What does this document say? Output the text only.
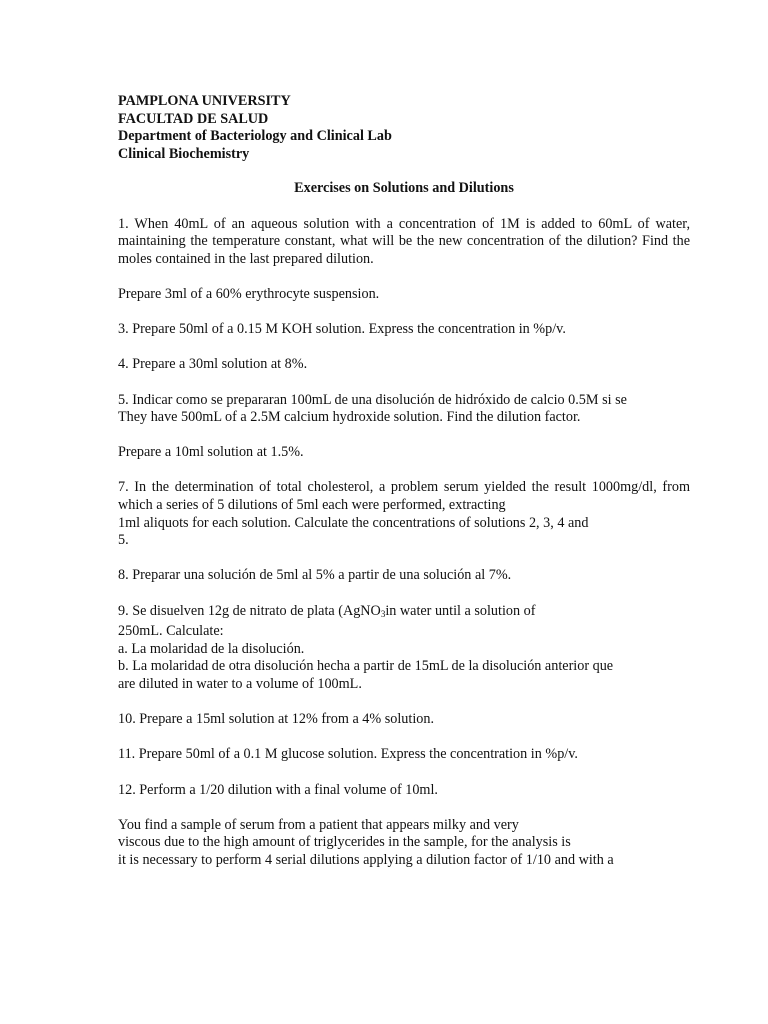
PAMPLONA UNIVERSITY

FACULTAD DE SALUD

Department of Bacteriology and Clinical Lab

Clinical Biochemistry

Exercises on Solutions and Dilutions

1. When 40mL of an aqueous solution with a concentration of 1M is added to 60mL of water, maintaining the temperature constant, what will be the new concentration of the dilution? Find the moles contained in the last prepared dilution.

Prepare 3ml of a 60% erythrocyte suspension.

3. Prepare 50ml of a 0.15 M KOH solution. Express the concentration in %p/v.

4. Prepare a 30ml solution at 8%.

5. Indicar como se prepararan 100mL de una disolución de hidróxido de calcio 0.5M si se
They have 500mL of a 2.5M calcium hydroxide solution. Find the dilution factor.

Prepare a 10ml solution at 1.5%.

7. In the determination of total cholesterol, a problem serum yielded the result 1000mg/dl, from which a series of 5 dilutions of 5ml each were performed, extracting
1ml aliquots for each solution. Calculate the concentrations of solutions 2, 3, 4 and
5.

8. Preparar una solución de 5ml al 5% a partir de una solución al 7%.

9. Se disuelven 12g de nitrato de plata (AgNO$_3$in water until a solution of
250mL. Calculate:
a. La molaridad de la disolución.
b. La molaridad de otra disolución hecha a partir de 15mL de la disolución anterior que
are diluted in water to a volume of 100mL.

10. Prepare a 15ml solution at 12% from a 4% solution.

11. Prepare 50ml of a 0.1 M glucose solution. Express the concentration in %p/v.

12. Perform a 1/20 dilution with a final volume of 10ml.

You find a sample of serum from a patient that appears milky and very
viscous due to the high amount of triglycerides in the sample, for the analysis is
it is necessary to perform 4 serial dilutions applying a dilution factor of 1/10 and with a
